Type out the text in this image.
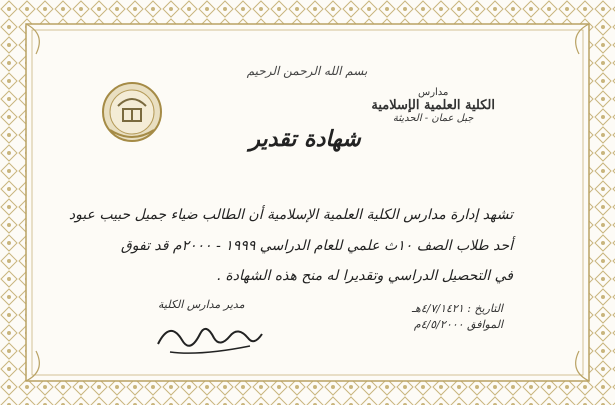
بسم الله الرحمن الرحيم
مدارس
الكلية العلمية الإسلامية
جبل عمان - الحديثة
شهادة تقدير
تشهد إدارة مدارس الكلية العلمية الإسلامية أن الطالب ضياء جميل حبيب عبود
أحد طلاب الصف ١٠ث علمي للعام الدراسي ١٩٩٩ - ٢٠٠٠م قد تفوق
في التحصيل الدراسي وتقديرا له منح هذه الشهادة .
التاريخ : ٤/٧/١٤٢١هـ
الموافق ٤/٥/٢٠٠٠م
مدير مدارس الكلية
